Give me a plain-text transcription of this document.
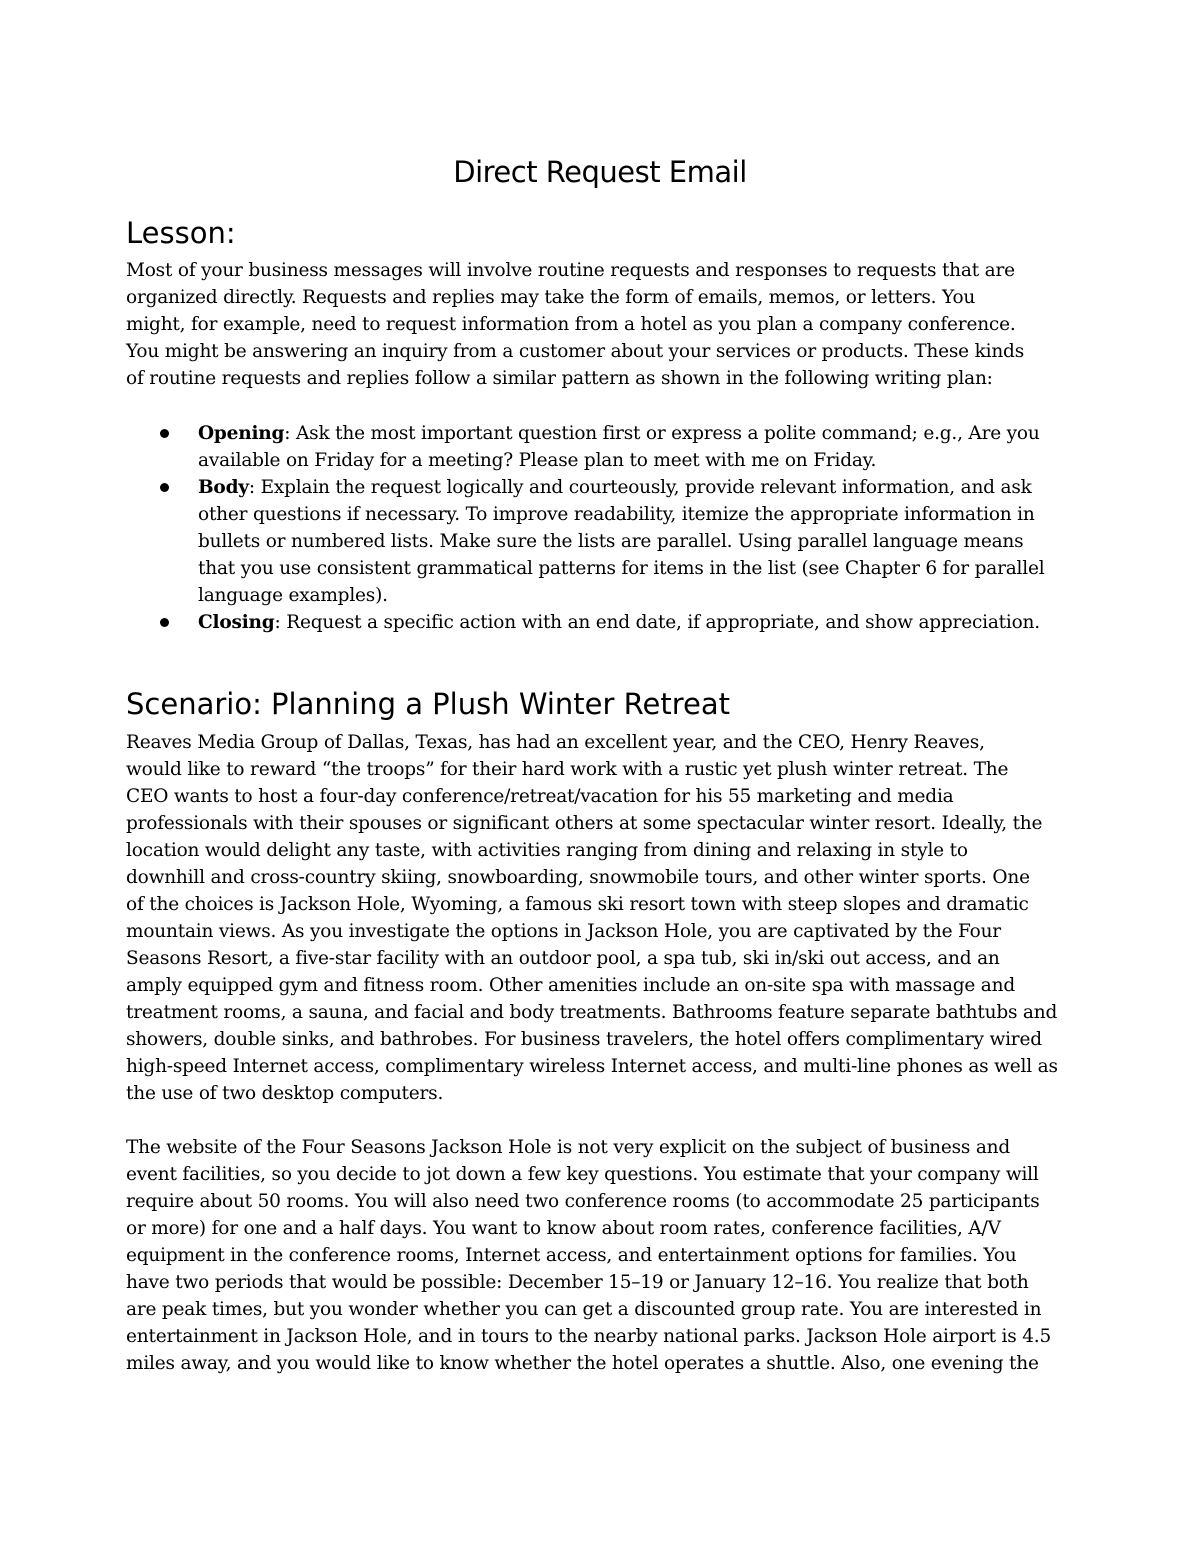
Direct Request Email
Lesson:

Most of your business messages will involve routine requests and responses to requests that are
organized directly. Requests and replies may take the form of emails, memos, or letters. You
might, for example, need to request information from a hotel as you plan a company conference.
You might be answering an inquiry from a customer about your services or products. These kinds
of routine requests and replies follow a similar pattern as shown in the following writing plan:

Opening: Ask the most important question first or express a polite command; e.g., Are you
available on Friday for a meeting? Please plan to meet with me on Friday.
Body: Explain the request logically and courteously, provide relevant information, and ask
other questions if necessary. To improve readability, itemize the appropriate information in
bullets or numbered lists. Make sure the lists are parallel. Using parallel language means
that you use consistent grammatical patterns for items in the list (see Chapter 6 for parallel
language examples).
Closing: Request a specific action with an end date, if appropriate, and show appreciation.
Scenario: Planning a Plush Winter Retreat

Reaves Media Group of Dallas, Texas, has had an excellent year, and the CEO, Henry Reaves,
would like to reward “the troops” for their hard work with a rustic yet plush winter retreat. The
CEO wants to host a four-day conference/retreat/vacation for his 55 marketing and media
professionals with their spouses or significant others at some spectacular winter resort. Ideally, the
location would delight any taste, with activities ranging from dining and relaxing in style to
downhill and cross-country skiing, snowboarding, snowmobile tours, and other winter sports. One
of the choices is Jackson Hole, Wyoming, a famous ski resort town with steep slopes and dramatic
mountain views. As you investigate the options in Jackson Hole, you are captivated by the Four
Seasons Resort, a five-star facility with an outdoor pool, a spa tub, ski in/ski out access, and an
amply equipped gym and fitness room. Other amenities include an on-site spa with massage and
treatment rooms, a sauna, and facial and body treatments. Bathrooms feature separate bathtubs and
showers, double sinks, and bathrobes. For business travelers, the hotel offers complimentary wired
high-speed Internet access, complimentary wireless Internet access, and multi-line phones as well as
the use of two desktop computers.

The website of the Four Seasons Jackson Hole is not very explicit on the subject of business and
event facilities, so you decide to jot down a few key questions. You estimate that your company will
require about 50 rooms. You will also need two conference rooms (to accommodate 25 participants
or more) for one and a half days. You want to know about room rates, conference facilities, A/V
equipment in the conference rooms, Internet access, and entertainment options for families. You
have two periods that would be possible: December 15–19 or January 12–16. You realize that both
are peak times, but you wonder whether you can get a discounted group rate. You are interested in
entertainment in Jackson Hole, and in tours to the nearby national parks. Jackson Hole airport is 4.5
miles away, and you would like to know whether the hotel operates a shuttle. Also, one evening the
